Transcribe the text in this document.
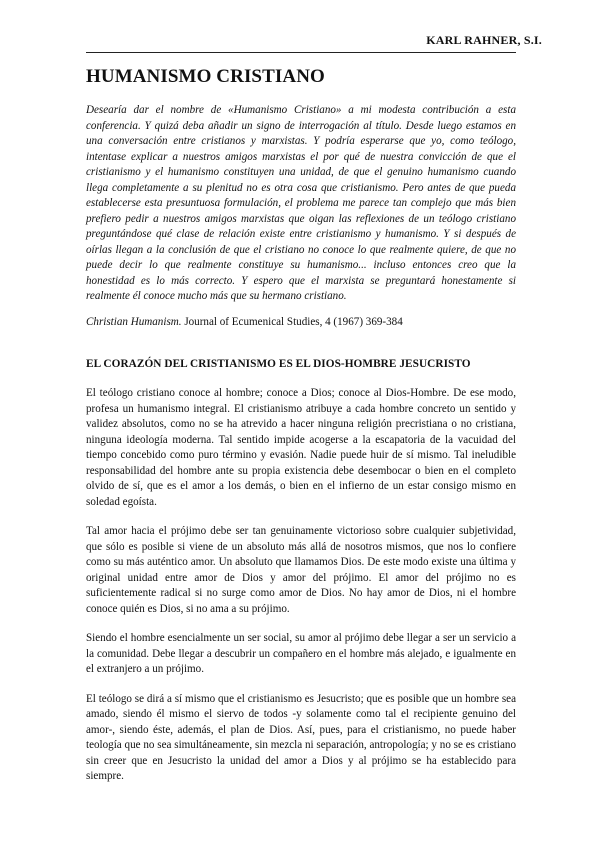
KARL RAHNER, S.I.
HUMANISMO CRISTIANO

Desearía dar el nombre de «Humanismo Cristiano» a mi modesta contribución a esta conferencia. Y quizá deba añadir un signo de interrogación al título. Desde luego estamos en una conversación entre cristianos y marxistas. Y podría esperarse que yo, como teólogo, intentase explicar a nuestros amigos marxistas el por qué de nuestra convicción de que el cristianismo y el humanismo constituyen una unidad, de que el genuino humanismo cuando llega completamente a su plenitud no es otra cosa que cristianismo. Pero antes de que pueda establecerse esta presuntuosa formulación, el problema me parece tan complejo que más bien prefiero pedir a nuestros amigos marxistas que oigan las reflexiones de un teólogo cristiano preguntándose qué clase de relación existe entre cristianismo y humanismo. Y si después de oírlas llegan a la conclusión de que el cristiano no conoce lo que realmente quiere, de que no puede decir lo que realmente constituye su humanismo... incluso entonces creo que la honestidad es lo más correcto. Y espero que el marxista se preguntará honestamente si realmente él conoce mucho más que su hermano cristiano.

Christian Humanism. Journal of Ecumenical Studies, 4 (1967) 369-384

EL CORAZÓN DEL CRISTIANISMO ES EL DIOS-HOMBRE JESUCRISTO

El teólogo cristiano conoce al hombre; conoce a Dios; conoce al Dios-Hombre. De ese modo, profesa un humanismo integral. El cristianismo atribuye a cada hombre concreto un sentido y validez absolutos, como no se ha atrevido a hacer ninguna religión precristiana o no cristiana, ninguna ideología moderna. Tal sentido impide acogerse a la escapatoria de la vacuidad del tiempo concebido como puro término y evasión. Nadie puede huir de sí mismo. Tal ineludible responsabilidad del hombre ante su propia existencia debe desembocar o bien en el completo olvido de sí, que es el amor a los demás, o bien en el infierno de un estar consigo mismo en soledad egoísta.

Tal amor hacia el prójimo debe ser tan genuinamente victorioso sobre cualquier subjetividad, que sólo es posible si viene de un absoluto más allá de nosotros mismos, que nos lo confiere como su más auténtico amor. Un absoluto que llamamos Dios. De este modo existe una última y original unidad entre amor de Dios y amor del prójimo. El amor del prójimo no es suficientemente radical si no surge como amor de Dios. No hay amor de Dios, ni el hombre conoce quién es Dios, si no ama a su prójimo.

Siendo el hombre esencialmente un ser social, su amor al prójimo debe llegar a ser un servicio a la comunidad. Debe llegar a descubrir un compañero en el hombre más alejado, e igualmente en el extranjero a un prójimo.

El teólogo se dirá a sí mismo que el cristianismo es Jesucristo; que es posible que un hombre sea amado, siendo él mismo el siervo de todos -y solamente como tal el recipiente genuino del amor-, siendo éste, además, el plan de Dios. Así, pues, para el cristianismo, no puede haber teología que no sea simultáneamente, sin mezcla ni separación, antropología; y no se es cristiano sin creer que en Jesucristo la unidad del amor a Dios y al prójimo se ha establecido para siempre.
